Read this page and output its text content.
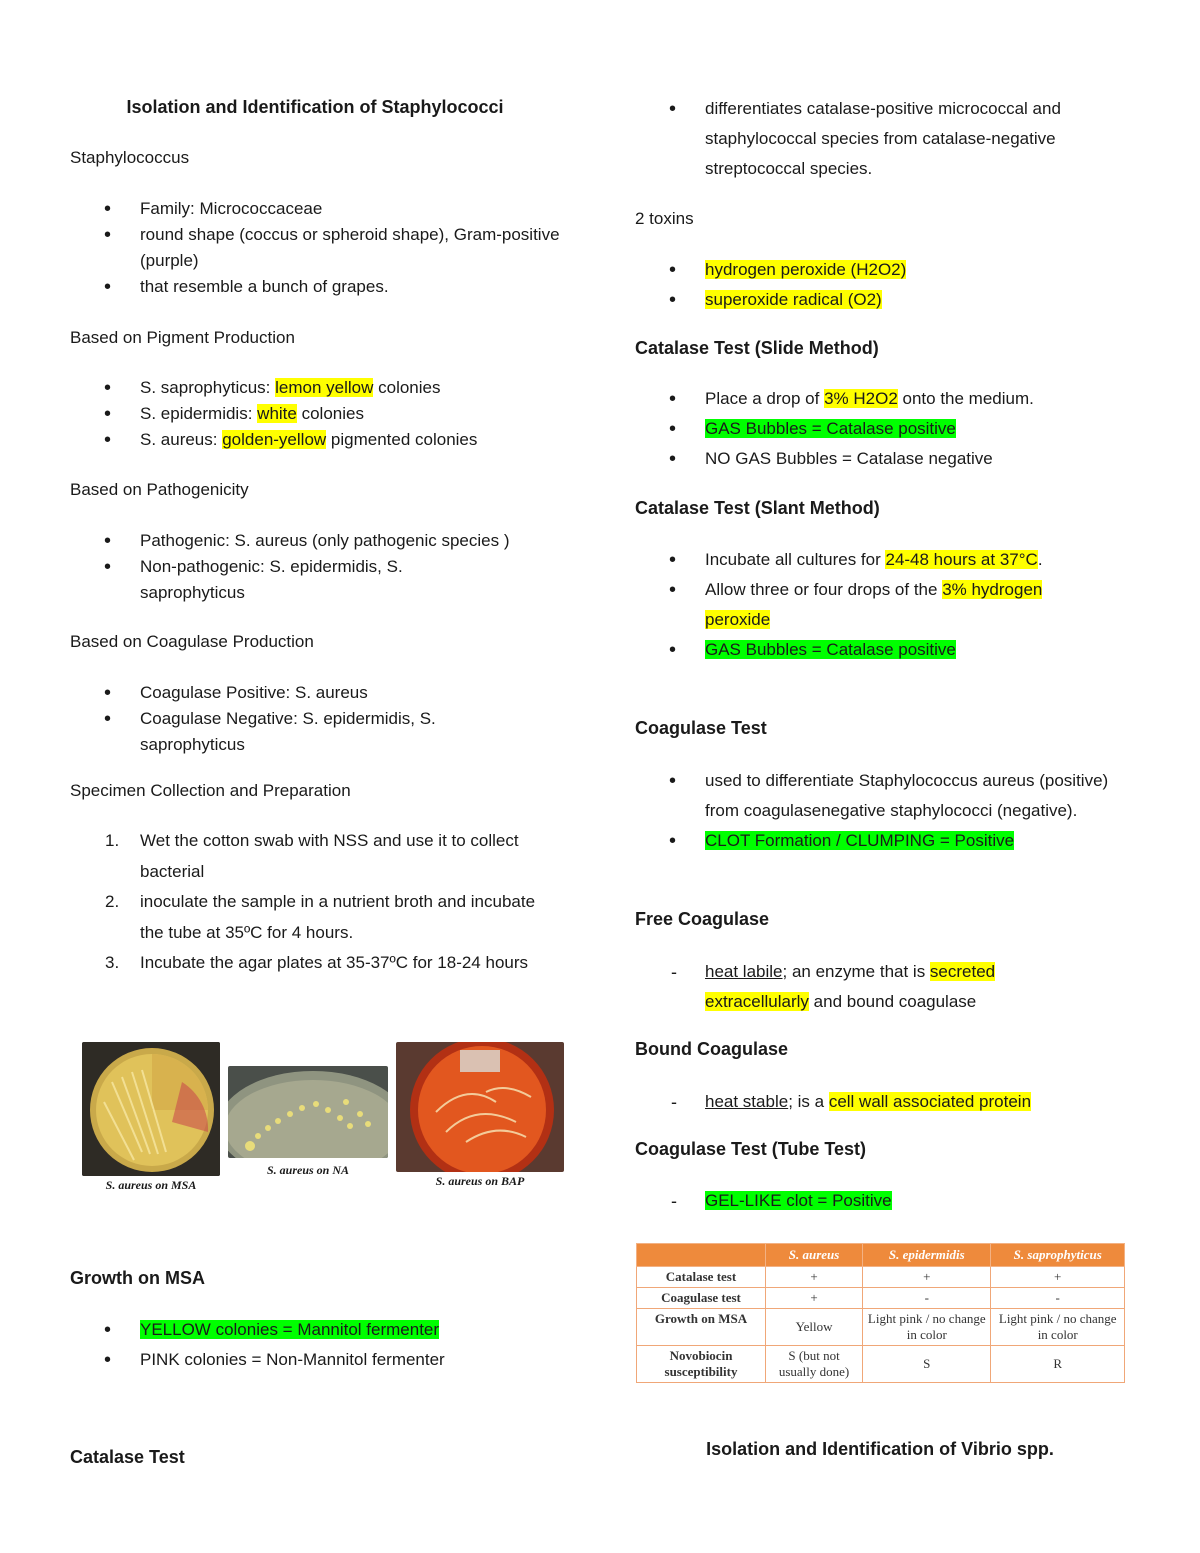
Isolation and Identification of Staphylococci
Staphylococcus
• Family: Micrococcaceae
• round shape (coccus or spheroid shape), Gram-positive (purple)
• that resemble a bunch of grapes.
Based on Pigment Production
• S. saprophyticus: lemon yellow colonies
• S. epidermidis: white colonies
• S. aureus: golden-yellow pigmented colonies
Based on Pathogenicity
• Pathogenic: S. aureus (only pathogenic species )
• Non-pathogenic: S. epidermidis, S. saprophyticus
Based on Coagulase Production
• Coagulase Positive: S. aureus
• Coagulase Negative: S. epidermidis, S. saprophyticus
Specimen Collection and Preparation
1. Wet the cotton swab with NSS and use it to collect bacterial
2. inoculate the sample in a nutrient broth and incubate the tube at 35ºC for 4 hours.
3. Incubate the agar plates at 35-37ºC for 18-24 hours
S. aureus on MSA
S. aureus on NA
S. aureus on BAP
Growth on MSA
• YELLOW colonies = Mannitol fermenter
• PINK colonies = Non-Mannitol fermenter
Catalase Test
• differentiates catalase-positive micrococcal and staphylococcal species from catalase-negative streptococcal species.
2 toxins
• hydrogen peroxide (H2O2)
• superoxide radical (O2)
Catalase Test (Slide Method)
• Place a drop of 3% H2O2 onto the medium.
• GAS Bubbles = Catalase positive
• NO GAS Bubbles = Catalase negative
Catalase Test (Slant Method)
• Incubate all cultures for 24-48 hours at 37°C.
• Allow three or four drops of the 3% hydrogen
peroxide
• GAS Bubbles = Catalase positive
Coagulase Test
• used to differentiate Staphylococcus aureus (positive) from coagulasenegative staphylococci (negative).
• CLOT Formation / CLUMPING = Positive
Free Coagulase
- heat labile; an enzyme that is secreted
extracellularly and bound coagulase
Bound Coagulase
- heat stable; is a cell wall associated protein
Coagulase Test (Tube Test)
- GEL-LIKE clot = Positive
	S. aureus	S. epidermidis	S. saprophyticus
Catalase test	+	+	+
Coagulase test	+	-	-
Growth on MSA	Yellow	Light pink / no change in color	Light pink / no change in color
Novobiocin susceptibility	S (but not usually done)	S	R
Isolation and Identification of Vibrio spp.
